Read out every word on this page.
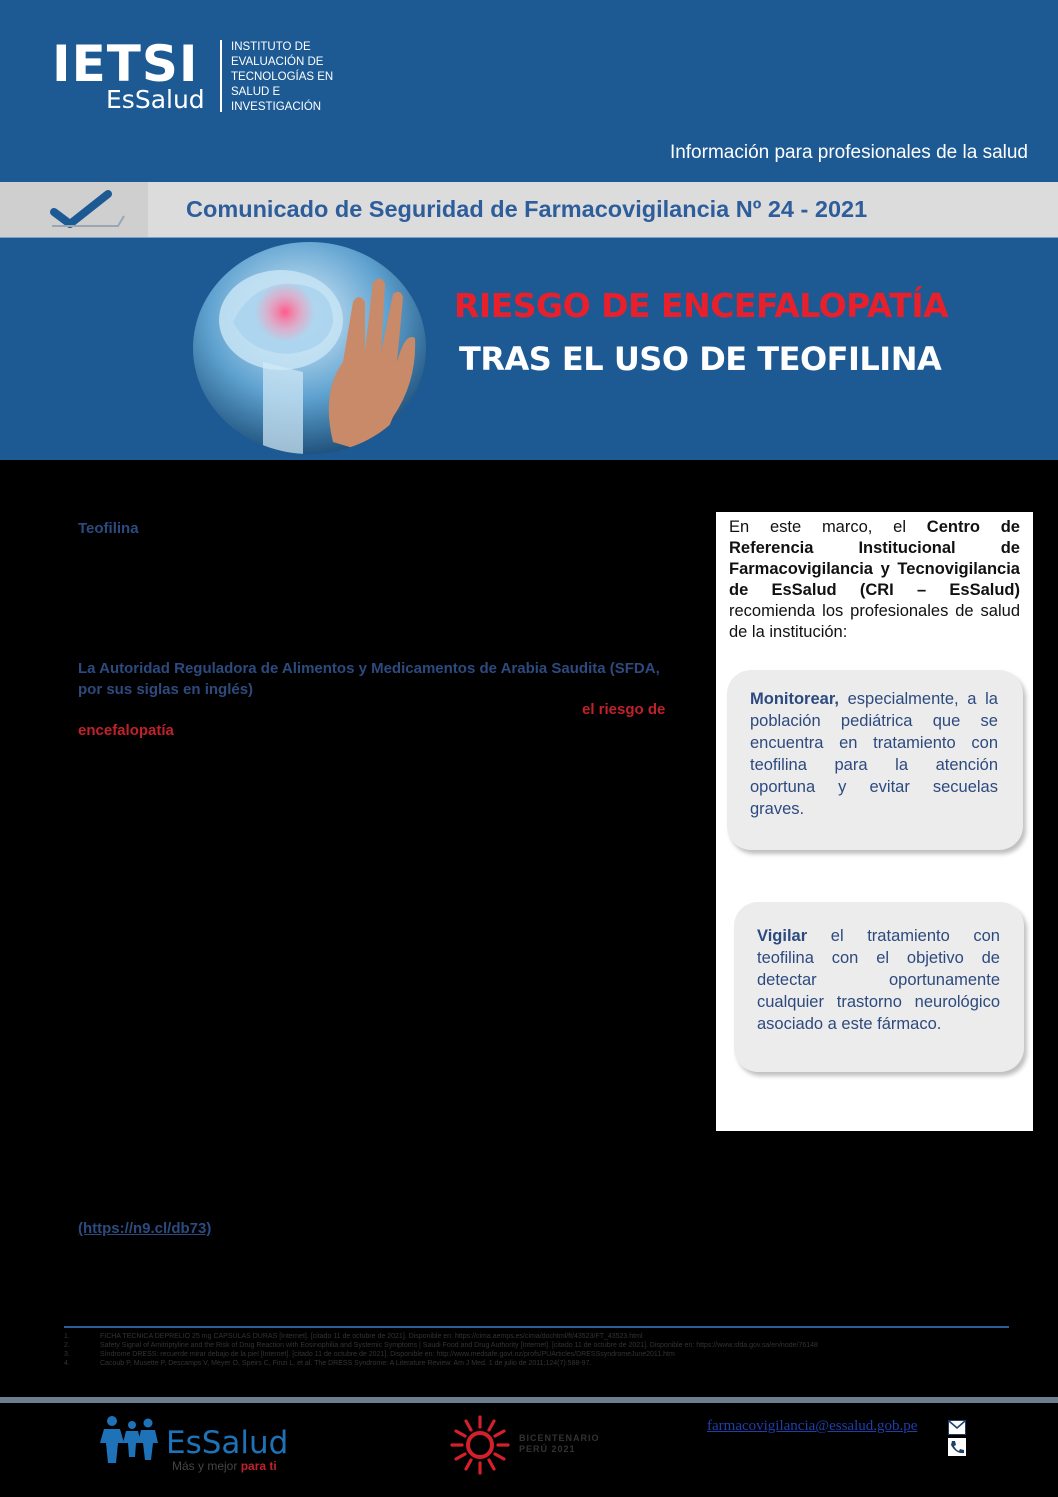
IETSI
EsSalud
INSTITUTO DE
EVALUACIÓN DE
TECNOLOGÍAS EN
SALUD E
INVESTIGACIÓN
Información para profesionales de la salud
Comunicado de Seguridad de Farmacovigilancia Nº 24 - 2021
RIESGO DE ENCEFALOPATÍA
TRAS EL USO DE TEOFILINA
Teofilina
La Autoridad Reguladora de Alimentos y Medicamentos de Arabia Saudita (SFDA, por sus siglas en inglés)
el riesgo de
encefalopatía
(https://n9.cl/db73)
En este marco, el Centro de Referencia Institucional de Farmacovigilancia y Tecnovigilancia de EsSalud (CRI – EsSalud) recomienda los profesionales de salud de la institución:
Monitorear, especialmente, a la población pediátrica que se encuentra en tratamiento con teofilina para la atención oportuna y evitar secuelas graves.
Vigilar el tratamiento con teofilina con el objetivo de detectar oportunamente cualquier trastorno neurológico asociado a este fármaco.
1.	FICHA TECNICA DEPRELIO 25 mg CAPSULAS DURAS [Internet]. [citado 11 de octubre de 2021]. Disponible en: https://cima.aemps.es/cima/dochtml/ft/43523/FT_43523.html
2.	Safety Signal of Amitriptyline and the Risk of Drug Reaction with Eosinophilia and Systemic Symptoms | Saudi Food and Drug Authority [Internet]. [citado 11 de octubre de 2021]. Disponible en: https://www.sfda.gov.sa/en/node/76148
3.	Síndrome DRESS: recuerde mirar debajo de la piel [Internet]. [citado 11 de octubre de 2021]. Disponible en: http://www.medsafe.govt.nz/profs/PUArticles/DRESSsyndromeJune2011.htm
4.	Cacoub P, Musette P, Descamps V, Meyer O, Speirs C, Finzi L, et al. The DRESS Syndrome: A Literature Review. Am J Med. 1 de julio de 2011;124(7):588-97.
EsSalud
Más y mejor para ti
BICENTENARIO
PERÚ 2021
farmacovigilancia@essalud.gob.pe
